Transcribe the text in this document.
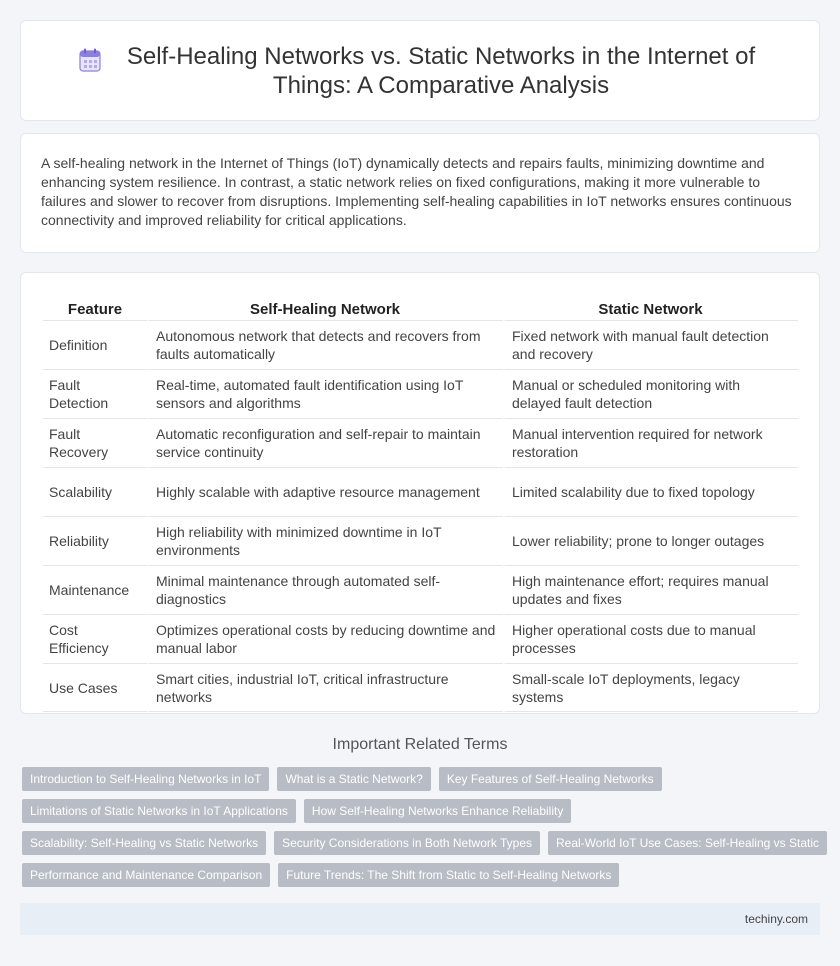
Self-Healing Networks vs. Static Networks in the Internet of Things: A Comparative Analysis

A self-healing network in the Internet of Things (IoT) dynamically detects and repairs faults, minimizing downtime and enhancing system resilience. In contrast, a static network relies on fixed configurations, making it more vulnerable to failures and slower to recover from disruptions. Implementing self-healing capabilities in IoT networks ensures continuous connectivity and improved reliability for critical applications.

Feature	Self-Healing Network	Static Network
Definition	Autonomous network that detects and recovers from faults automatically	Fixed network with manual fault detection and recovery
Fault Detection	Real-time, automated fault identification using IoT sensors and algorithms	Manual or scheduled monitoring with delayed fault detection
Fault Recovery	Automatic reconfiguration and self-repair to maintain service continuity	Manual intervention required for network restoration
Scalability	Highly scalable with adaptive resource management	Limited scalability due to fixed topology
Reliability	High reliability with minimized downtime in IoT environments	Lower reliability; prone to longer outages
Maintenance	Minimal maintenance through automated self-diagnostics	High maintenance effort; requires manual updates and fixes
Cost Efficiency	Optimizes operational costs by reducing downtime and manual labor	Higher operational costs due to manual processes
Use Cases	Smart cities, industrial IoT, critical infrastructure networks	Small-scale IoT deployments, legacy systems
Important Related Terms
Introduction to Self-Healing Networks in IoT	What is a Static Network?	Key Features of Self-Healing Networks
Limitations of Static Networks in IoT Applications	How Self-Healing Networks Enhance Reliability
Scalability: Self-Healing vs Static Networks	Security Considerations in Both Network Types	Real-World IoT Use Cases: Self-Healing vs Static
Performance and Maintenance Comparison	Future Trends: The Shift from Static to Self-Healing Networks
techiny.com
